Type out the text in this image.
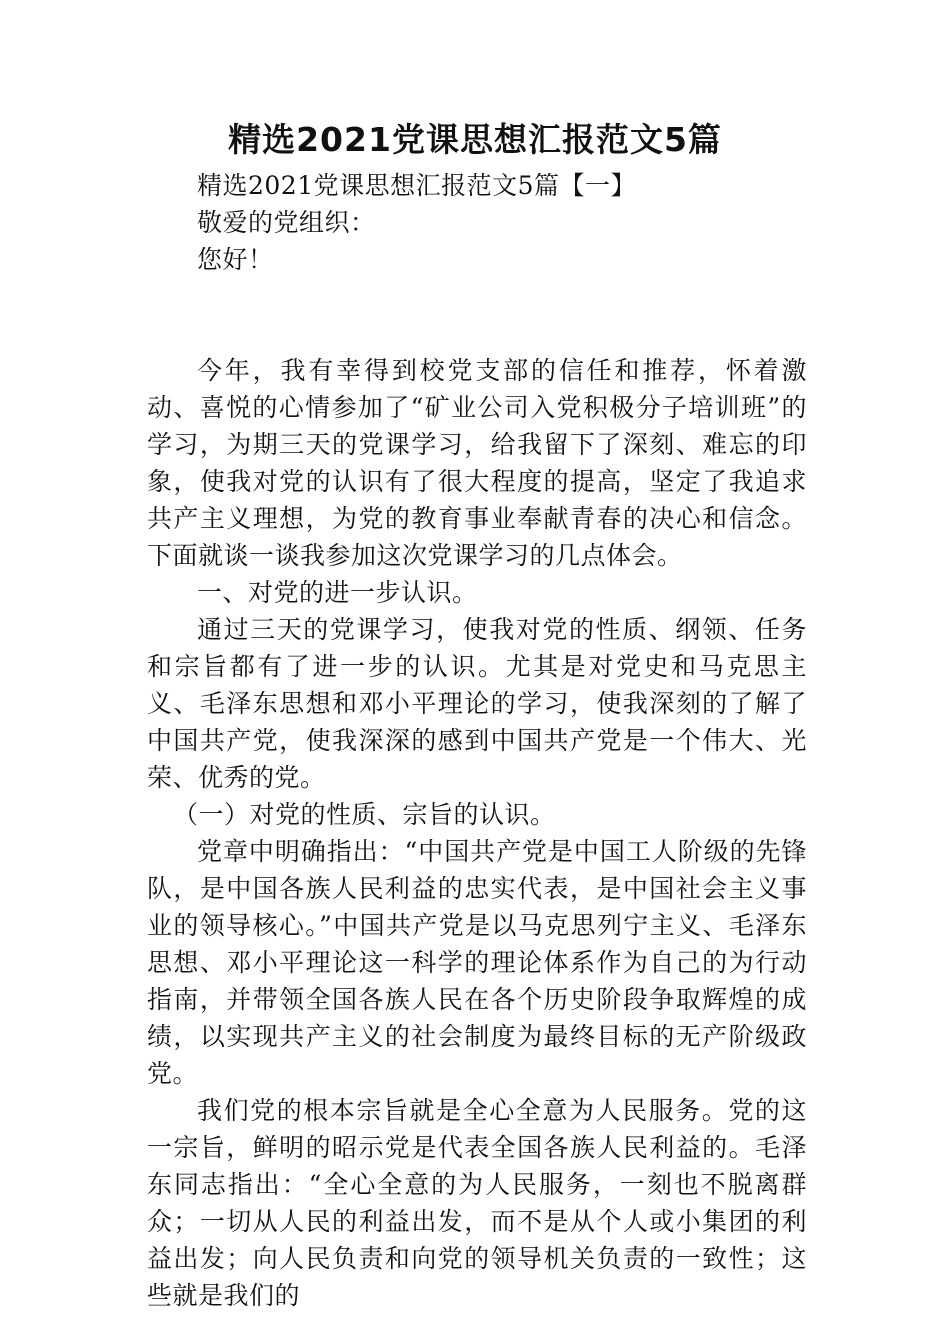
精选2021党课思想汇报范文5篇

精选2021党课思想汇报范文5篇【一】

敬爱的党组织：

您好！

今年，我有幸得到校党支部的信任和推荐，怀着激动、喜悦的心情参加了“矿业公司入党积极分子培训班”的学习，为期三天的党课学习，给我留下了深刻、难忘的印象，使我对党的认识有了很大程度的提高，坚定了我追求共产主义理想，为党的教育事业奉献青春的决心和信念。下面就谈一谈我参加这次党课学习的几点体会。

一、对党的进一步认识。

通过三天的党课学习，使我对党的性质、纲领、任务和宗旨都有了进一步的认识。尤其是对党史和马克思主义、毛泽东思想和邓小平理论的学习，使我深刻的了解了中国共产党，使我深深的感到中国共产党是一个伟大、光荣、优秀的党。

（一）对党的性质、宗旨的认识。

党章中明确指出：“中国共产党是中国工人阶级的先锋队，是中国各族人民利益的忠实代表，是中国社会主义事业的领导核心。”中国共产党是以马克思列宁主义、毛泽东思想、邓小平理论这一科学的理论体系作为自己的为行动指南，并带领全国各族人民在各个历史阶段争取辉煌的成绩，以实现共产主义的社会制度为最终目标的无产阶级政党。

我们党的根本宗旨就是全心全意为人民服务。党的这一宗旨，鲜明的昭示党是代表全国各族人民利益的。毛泽东同志指出：“全心全意的为人民服务，一刻也不脱离群众；一切从人民的利益出发，而不是从个人或小集团的利益出发；向人民负责和向党的领导机关负责的一致性；这些就是我们的
